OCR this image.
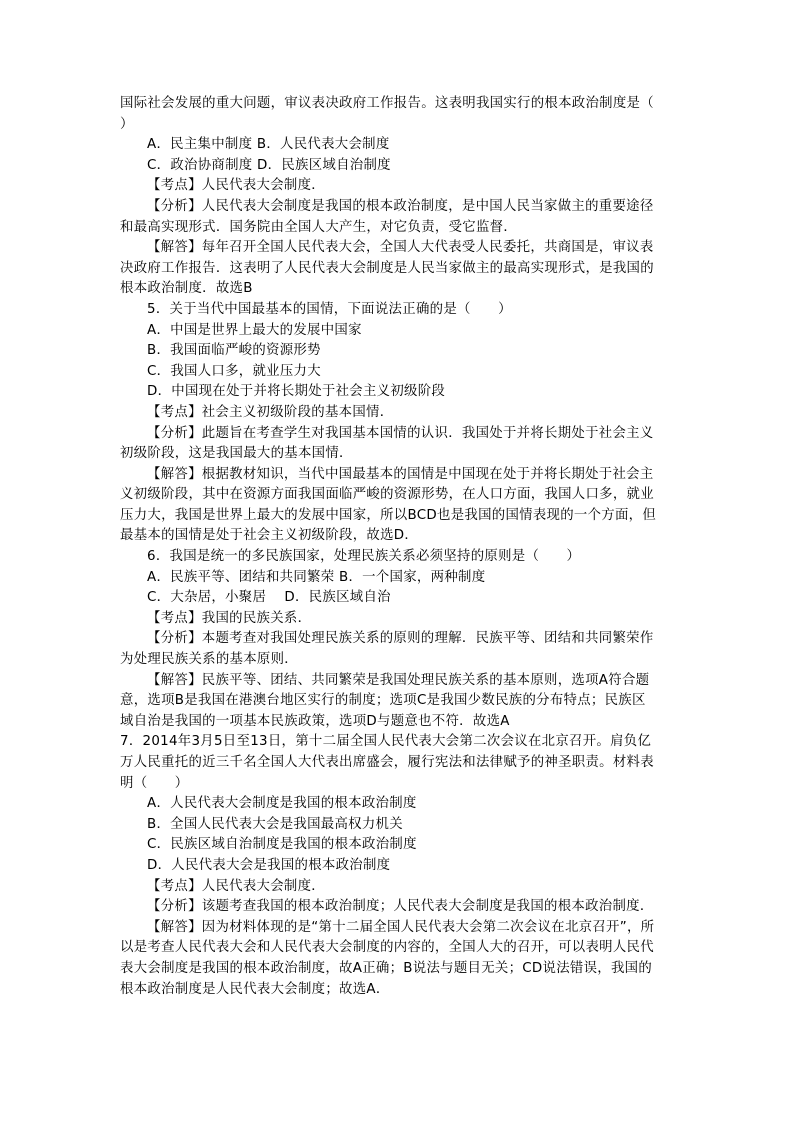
国际社会发展的重大问题，审议表决政府工作报告。这表明我国实行的根本政治制度是（
）
A．民主集中制度 B．人民代表大会制度
C．政治协商制度 D．民族区域自治制度
【考点】人民代表大会制度．
【分析】人民代表大会制度是我国的根本政治制度，是中国人民当家做主的重要途径
和最高实现形式．国务院由全国人大产生，对它负责，受它监督．
【解答】每年召开全国人民代表大会，全国人大代表受人民委托，共商国是，审议表
决政府工作报告．这表明了人民代表大会制度是人民当家做主的最高实现形式，是我国的
根本政治制度．故选B
5．关于当代中国最基本的国情，下面说法正确的是（　　）
A．中国是世界上最大的发展中国家
B．我国面临严峻的资源形势
C．我国人口多，就业压力大
D．中国现在处于并将长期处于社会主义初级阶段
【考点】社会主义初级阶段的基本国情．
【分析】此题旨在考查学生对我国基本国情的认识．我国处于并将长期处于社会主义
初级阶段，这是我国最大的基本国情．
【解答】根据教材知识，当代中国最基本的国情是中国现在处于并将长期处于社会主
义初级阶段，其中在资源方面我国面临严峻的资源形势，在人口方面，我国人口多，就业
压力大，我国是世界上最大的发展中国家，所以BCD也是我国的国情表现的一个方面，但
最基本的国情是处于社会主义初级阶段，故选D．
6．我国是统一的多民族国家，处理民族关系必须坚持的原则是（　　）
A．民族平等、团结和共同繁荣 B．一个国家，两种制度
C．大杂居，小聚居　 D．民族区域自治
【考点】我国的民族关系．
【分析】本题考查对我国处理民族关系的原则的理解．民族平等、团结和共同繁荣作
为处理民族关系的基本原则．
【解答】民族平等、团结、共同繁荣是我国处理民族关系的基本原则，选项A符合题
意，选项B是我国在港澳台地区实行的制度；选项C是我国少数民族的分布特点；民族区
域自治是我国的一项基本民族政策，选项D与题意也不符．故选A
7．2014年3月5日至13日，第十二届全国人民代表大会第二次会议在北京召开。肩负亿
万人民重托的近三千名全国人大代表出席盛会，履行宪法和法律赋予的神圣职责。材料表
明（　　）
A．人民代表大会制度是我国的根本政治制度
B．全国人民代表大会是我国最高权力机关
C．民族区域自治制度是我国的根本政治制度
D．人民代表大会是我国的根本政治制度
【考点】人民代表大会制度．
【分析】该题考查我国的根本政治制度；人民代表大会制度是我国的根本政治制度．
【解答】因为材料体现的是“第十二届全国人民代表大会第二次会议在北京召开”，所
以是考查人民代表大会和人民代表大会制度的内容的，全国人大的召开，可以表明人民代
表大会制度是我国的根本政治制度，故A正确；B说法与题目无关；CD说法错误，我国的
根本政治制度是人民代表大会制度；故选A．
